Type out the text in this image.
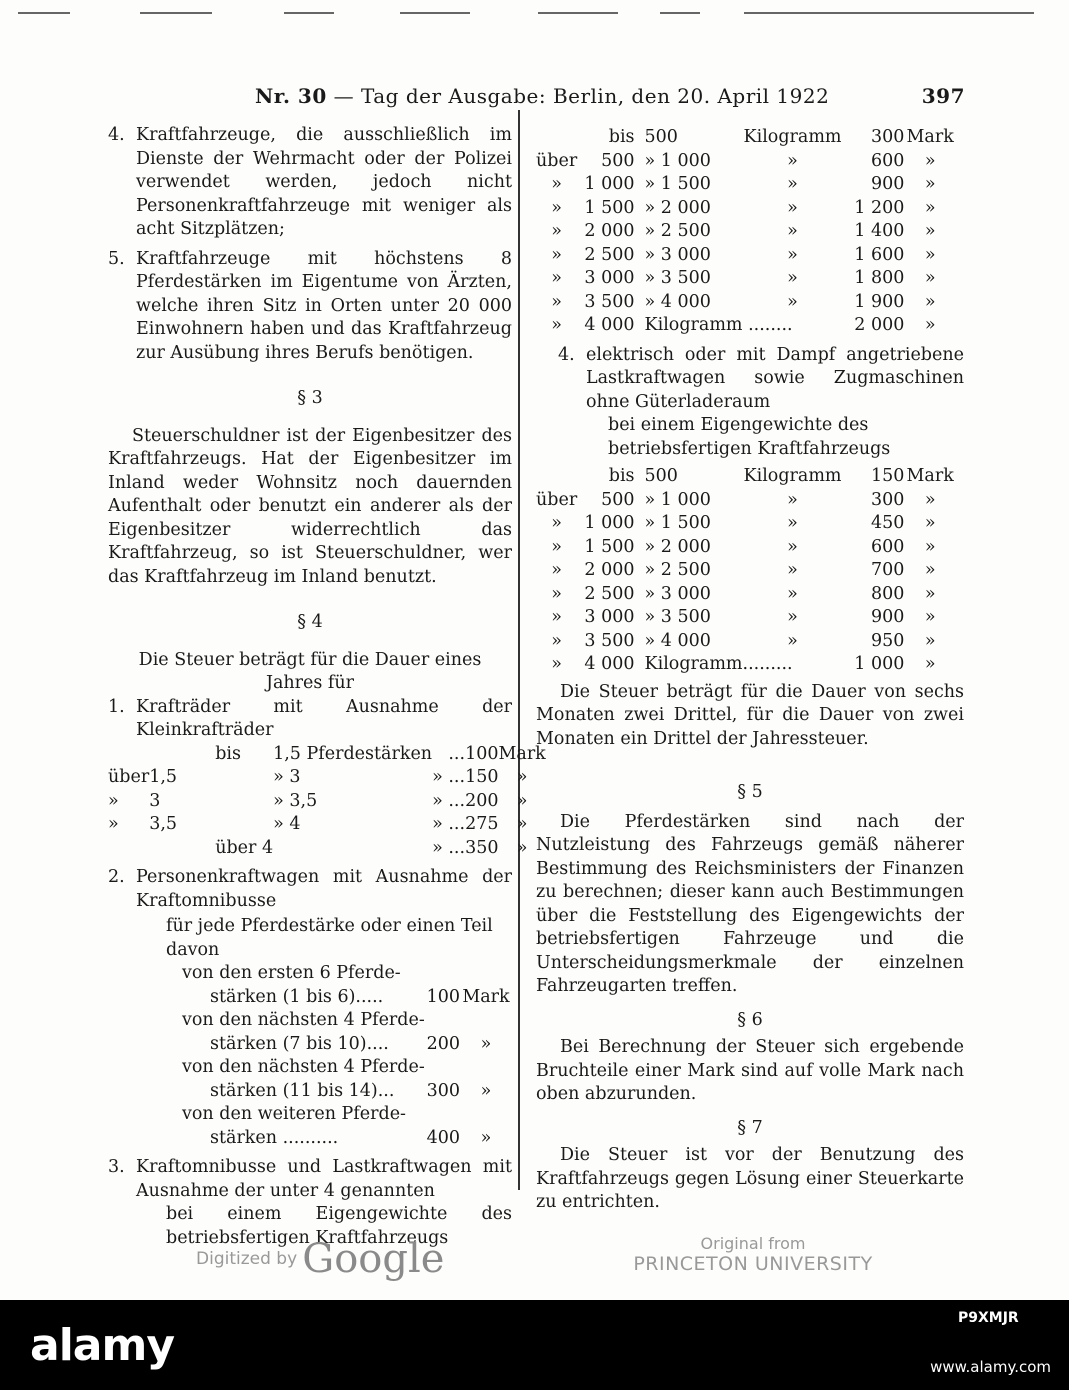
Nr. 30 — Tag der Ausgabe: Berlin, den 20. April 1922	397
4. Kraftfahrzeuge, die ausschließlich im Dienste der Wehrmacht oder der Polizei verwendet werden, jedoch nicht Personenkraftfahrzeuge mit weniger als acht Sitzplätzen;
5. Kraftfahrzeuge mit höchstens 8 Pferdestärken im Eigentume von Ärzten, welche ihren Sitz in Orten unter 20 000 Einwohnern haben und das Kraftfahrzeug zur Ausübung ihres Berufs benötigen.
§ 3
Steuerschuldner ist der Eigenbesitzer des Kraftfahrzeugs. Hat der Eigenbesitzer im Inland weder Wohnsitz noch dauernden Aufenthalt oder benutzt ein anderer als der Eigenbesitzer widerrechtlich das Kraftfahrzeug, so ist Steuerschuldner, wer das Kraftfahrzeug im Inland benutzt.
§ 4
Die Steuer beträgt für die Dauer eines Jahres für
1. Krafträder mit Ausnahme der Kleinkrafträder
	bis	1,5 Pferdestärken	...	100	Mark
über	1,5	» 3	» ...	150	»
»	3	» 3,5	» ...	200	»
»	3,5	» 4	» ...	275	»
	über 4		» ...	350	»
2. Personenkraftwagen mit Ausnahme der Kraftomnibusse
für jede Pferdestärke oder einen Teil davon
von den ersten 6 Pferde-
stärken (1 bis 6).....	100 Mark
von den nächsten 4 Pferde-
stärken (7 bis 10)....	200	»
von den nächsten 4 Pferde-
stärken (11 bis 14)...	300	»
von den weiteren Pferde-
stärken ..........	400	»
3. Kraftomnibusse und Lastkraftwagen mit Ausnahme der unter 4 genannten
bei einem Eigengewichte des betriebsfertigen Kraftfahrzeugs
	bis	500	Kilogramm	300	Mark
über	500	» 1 000	»	600	»
»	1 000	» 1 500	»	900	»
»	1 500	» 2 000	»	1 200	»
»	2 000	» 2 500	»	1 400	»
»	2 500	» 3 000	»	1 600	»
»	3 000	» 3 500	»	1 800	»
»	3 500	» 4 000	»	1 900	»
»	4 000	Kilogramm ........		2 000	»
4. elektrisch oder mit Dampf angetriebene Lastkraftwagen sowie Zugmaschinen ohne Güterladeraum
bei einem Eigengewichte des betriebsfertigen Kraftfahrzeugs
	bis	500	Kilogramm	150	Mark
über	500	» 1 000	»	300	»
»	1 000	» 1 500	»	450	»
»	1 500	» 2 000	»	600	»
»	2 000	» 2 500	»	700	»
»	2 500	» 3 000	»	800	»
»	3 000	» 3 500	»	900	»
»	3 500	» 4 000	»	950	»
»	4 000	Kilogramm.........		1 000	»
Die Steuer beträgt für die Dauer von sechs Monaten zwei Drittel, für die Dauer von zwei Monaten ein Drittel der Jahressteuer.
§ 5
Die Pferdestärken sind nach der Nutzleistung des Fahrzeugs gemäß näherer Bestimmung des Reichsministers der Finanzen zu berechnen; dieser kann auch Bestimmungen über die Feststellung des Eigengewichts der betriebsfertigen Fahrzeuge und die Unterscheidungsmerkmale der einzelnen Fahrzeugarten treffen.
§ 6
Bei Berechnung der Steuer sich ergebende Bruchteile einer Mark sind auf volle Mark nach oben abzurunden.
§ 7
Die Steuer ist vor der Benutzung des Kraftfahrzeugs gegen Lösung einer Steuerkarte zu entrichten.
Digitized by Google	Original from
PRINCETON UNIVERSITY
alamy
P9XMJR
www.alamy.com
